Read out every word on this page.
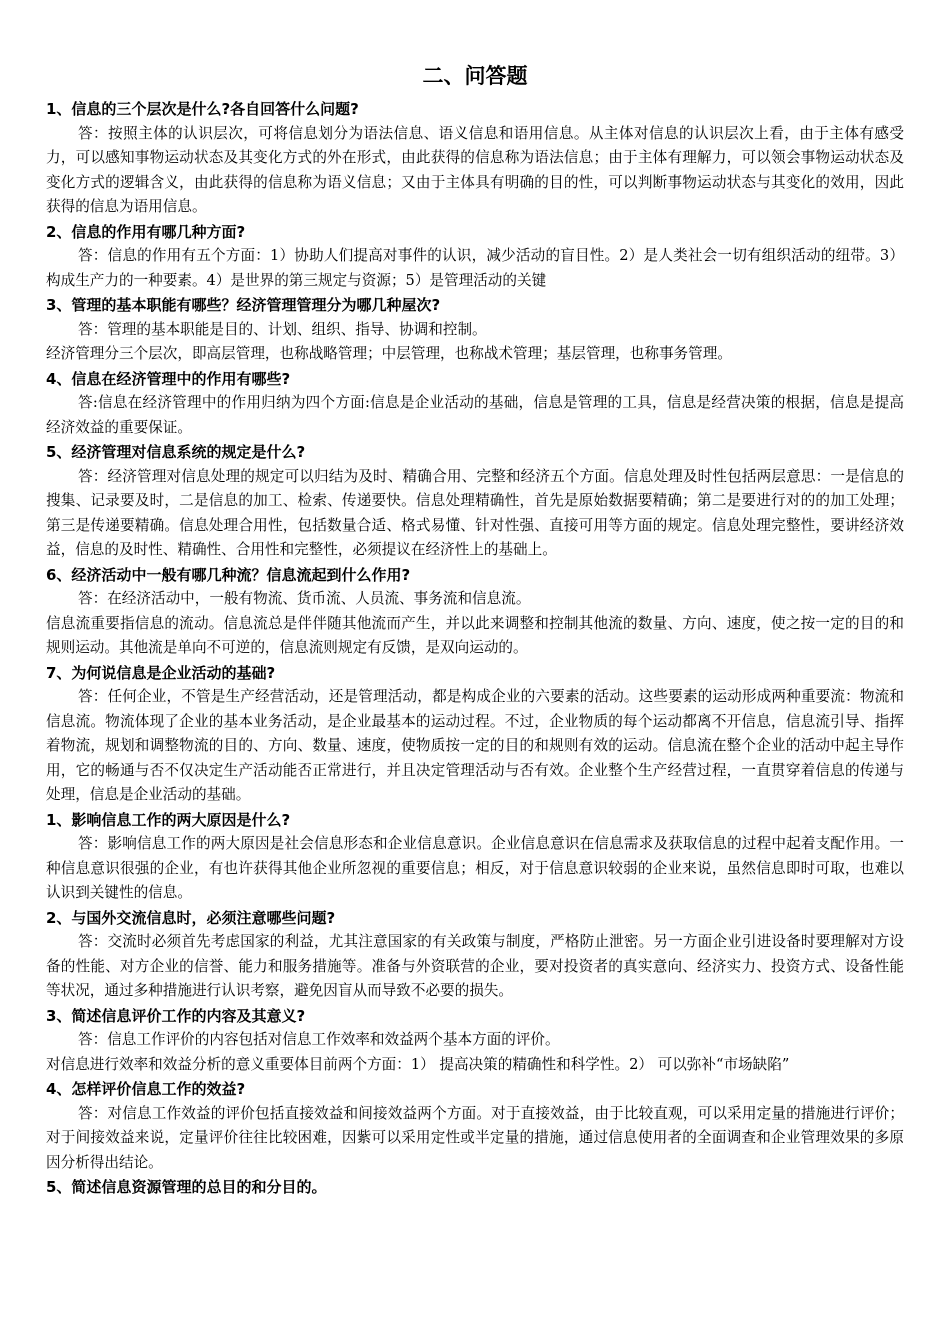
二、问答题

1、信息的三个层次是什么?各自回答什么问题?

答：按照主体的认识层次，可将信息划分为语法信息、语义信息和语用信息。从主体对信息的认识层次上看，由于主体有感受力，可以感知事物运动状态及其变化方式的外在形式，由此获得的信息称为语法信息；由于主体有理解力，可以领会事物运动状态及变化方式的逻辑含义，由此获得的信息称为语义信息；又由于主体具有明确的目的性，可以判断事物运动状态与其变化的效用，因此获得的信息为语用信息。

2、信息的作用有哪几种方面?

答：信息的作用有五个方面：1）协助人们提高对事件的认识，减少活动的盲目性。2）是人类社会一切有组织活动的纽带。3）构成生产力的一种要素。4）是世界的第三规定与资源；5）是管理活动的关键

3、管理的基本职能有哪些？经济管理管理分为哪几种屋次?

答：管理的基本职能是目的、计划、组织、指导、协调和控制。

经济管理分三个层次，即高层管理，也称战略管理；中层管理，也称战术管理；基层管理，也称事务管理。

4、信息在经济管理中的作用有哪些?

答:信息在经济管理中的作用归纳为四个方面:信息是企业活动的基础，信息是管理的工具，信息是经营决策的根据，信息是提高经济效益的重要保证。

5、经济管理对信息系统的规定是什么?

答：经济管理对信息处理的规定可以归结为及时、精确合用、完整和经济五个方面。信息处理及时性包括两层意思：一是信息的搜集、记录要及时，二是信息的加工、检索、传递要快。信息处理精确性，首先是原始数据要精确；第二是要进行对的的加工处理；第三是传递要精确。信息处理合用性，包括数量合适、格式易懂、针对性强、直接可用等方面的规定。信息处理完整性，要讲经济效益，信息的及时性、精确性、合用性和完整性，必须提议在经济性上的基础上。

6、经济活动中一般有哪几种流？信息流起到什么作用?

答：在经济活动中，一般有物流、货币流、人员流、事务流和信息流。

信息流重要指信息的流动。信息流总是伴伴随其他流而产生，并以此来调整和控制其他流的数量、方向、速度，使之按一定的目的和规则运动。其他流是单向不可逆的，信息流则规定有反馈，是双向运动的。

7、为何说信息是企业活动的基础?

答：任何企业，不管是生产经营活动，还是管理活动，都是构成企业的六要素的活动。这些要素的运动形成两种重要流：物流和信息流。物流体现了企业的基本业务活动，是企业最基本的运动过程。不过，企业物质的每个运动都离不开信息，信息流引导、指挥着物流，规划和调整物流的目的、方向、数量、速度，使物质按一定的目的和规则有效的运动。信息流在整个企业的活动中起主导作用，它的畅通与否不仅决定生产活动能否正常进行，并且决定管理活动与否有效。企业整个生产经营过程，一直贯穿着信息的传递与处理，信息是企业活动的基础。

1、影响信息工作的两大原因是什么?

答：影响信息工作的两大原因是社会信息形态和企业信息意识。企业信息意识在信息需求及获取信息的过程中起着支配作用。一种信息意识很强的企业，有也许获得其他企业所忽视的重要信息；相反，对于信息意识较弱的企业来说，虽然信息即时可取，也难以认识到关键性的信息。

2、与国外交流信息时，必须注意哪些问题?

答：交流时必须首先考虑国家的利益，尤其注意国家的有关政策与制度，严格防止泄密。另一方面企业引进设备时要理解对方设备的性能、对方企业的信誉、能力和服务措施等。准备与外资联营的企业，要对投资者的真实意向、经济实力、投资方式、设备性能等状况，通过多种措施进行认识考察，避免因盲从而导致不必要的损失。

3、简述信息评价工作的内容及其意义?

答：信息工作评价的内容包括对信息工作效率和效益两个基本方面的评价。

对信息进行效率和效益分析的意义重要体目前两个方面：1） 提高决策的精确性和科学性。2） 可以弥补“市场缺陷”

4、怎样评价信息工作的效益?

答：对信息工作效益的评价包括直接效益和间接效益两个方面。对于直接效益，由于比较直观，可以采用定量的措施进行评价；对于间接效益来说，定量评价往往比较困难，因紫可以采用定性或半定量的措施，通过信息使用者的全面调查和企业管理效果的多原因分析得出结论。

5、简述信息资源管理的总目的和分目的。
